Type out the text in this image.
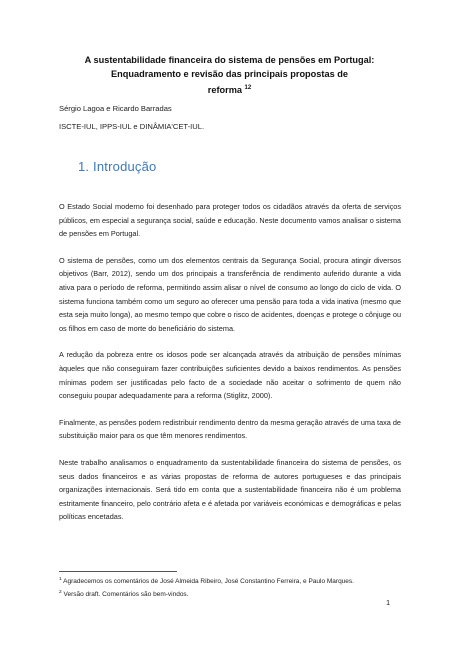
A sustentabilidade financeira do sistema de pensões em Portugal:
Enquadramento e revisão das principais propostas de
reforma $^{12}$
Sérgio Lagoa e Ricardo Barradas
ISCTE-IUL, IPPS-IUL e DINÂMIA'CET-IUL.
1. Introdução

O Estado Social moderno foi desenhado para proteger todos os cidadãos através da oferta de serviços públicos, em especial a segurança social, saúde e educação. Neste documento vamos analisar o sistema de pensões em Portugal.

O sistema de pensões, como um dos elementos centrais da Segurança Social, procura atingir diversos objetivos (Barr, 2012), sendo um dos principais a transferência de rendimento auferido durante a vida ativa para o período de reforma, permitindo assim alisar o nível de consumo ao longo do ciclo de vida. O sistema funciona também como um seguro ao oferecer uma pensão para toda a vida inativa (mesmo que esta seja muito longa), ao mesmo tempo que cobre o risco de acidentes, doenças e protege o cônjuge ou os filhos em caso de morte do beneficiário do sistema.

A redução da pobreza entre os idosos pode ser alcançada através da atribuição de pensões mínimas àqueles que não conseguiram fazer contribuições suficientes devido a baixos rendimentos. As pensões mínimas podem ser justificadas pelo facto de a sociedade não aceitar o sofrimento de quem não conseguiu poupar adequadamente para a reforma (Stiglitz, 2000).

Finalmente, as pensões podem redistribuir rendimento dentro da mesma geração através de uma taxa de substituição maior para os que têm menores rendimentos.

Neste trabalho analisamos o enquadramento da sustentabilidade financeira do sistema de pensões, os seus dados financeiros e as várias propostas de reforma de autores portugueses e das principais organizações internacionais. Será tido em conta que a sustentabilidade financeira não é um problema estritamente financeiro, pelo contrário afeta e é afetada por variáveis económicas e demográficas e pelas políticas encetadas.

$^1$ Agradecemos os comentários de José Almeida Ribeiro, José Constantino Ferreira, e Paulo Marques.
$^2$ Versão draft. Comentários são bem-vindos.
1
